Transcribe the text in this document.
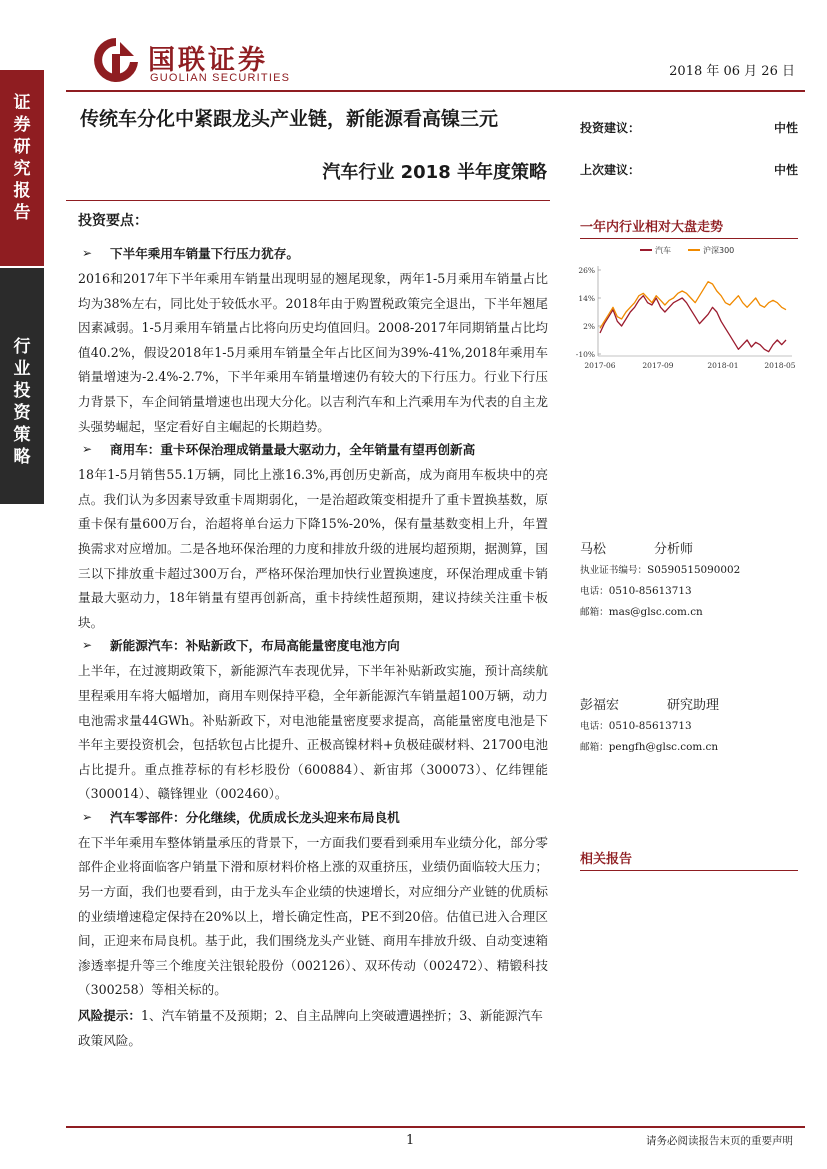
国联证券
GUOLIAN SECURITIES	2018 年 06 月 26 日
证
券
研
究
报
告
行
业
投
资
策
略
传统车分化中紧跟龙头产业链，新能源看高镍三元
汽车行业 2018 半年度策略
投资建议：	中性
上次建议：	中性
投资要点：
➢ 下半年乘用车销量下行压力犹存。

2016和2017年下半年乘用车销量出现明显的翘尾现象，两年1-5月乘用车销量占比均为38%左右，同比处于较低水平。2018年由于购置税政策完全退出，下半年翘尾因素减弱。1-5月乘用车销量占比将向历史均值回归。2008-2017年同期销量占比均值40.2%，假设2018年1-5月乘用车销量全年占比区间为39%-41%,2018年乘用车销量增速为-2.4%-2.7%，下半年乘用车销量增速仍有较大的下行压力。行业下行压力背景下，车企间销量增速也出现大分化。以吉利汽车和上汽乘用车为代表的自主龙头强势崛起，坚定看好自主崛起的长期趋势。

➢ 商用车：重卡环保治理成销量最大驱动力，全年销量有望再创新高

18年1-5月销售55.1万辆，同比上涨16.3%,再创历史新高，成为商用车板块中的亮点。我们认为多因素导致重卡周期弱化，一是治超政策变相提升了重卡置换基数，原重卡保有量600万台，治超将单台运力下降15%-20%，保有量基数变相上升，年置换需求对应增加。二是各地环保治理的力度和排放升级的进展均超预期，据测算，国三以下排放重卡超过300万台，严格环保治理加快行业置换速度，环保治理成重卡销量最大驱动力，18年销量有望再创新高，重卡持续性超预期，建议持续关注重卡板块。

➢ 新能源汽车：补贴新政下，布局高能量密度电池方向

上半年，在过渡期政策下，新能源汽车表现优异，下半年补贴新政实施，预计高续航里程乘用车将大幅增加，商用车则保持平稳，全年新能源汽车销量超100万辆，动力电池需求量44GWh。补贴新政下，对电池能量密度要求提高，高能量密度电池是下半年主要投资机会，包括软包占比提升、正极高镍材料+负极硅碳材料、21700电池占比提升。重点推荐标的有杉杉股份（600884）、新宙邦（300073）、亿纬锂能（300014）、赣锋锂业（002460）。

➢ 汽车零部件：分化继续，优质成长龙头迎来布局良机

在下半年乘用车整体销量承压的背景下，一方面我们要看到乘用车业绩分化，部分零部件企业将面临客户销量下滑和原材料价格上涨的双重挤压，业绩仍面临较大压力；另一方面，我们也要看到，由于龙头车企业绩的快速增长，对应细分产业链的优质标的业绩增速稳定保持在20%以上，增长确定性高，PE不到20倍。估值已进入合理区间，正迎来布局良机。基于此，我们围绕龙头产业链、商用车排放升级、自动变速箱渗透率提升等三个维度关注银轮股份（002126）、双环传动（002472）、精锻科技（300258）等相关标的。

风险提示：1、汽车销量不及预期；2、自主品牌向上突破遭遇挫折；3、新能源汽车政策风险。

一年内行业相对大盘走势
汽车	沪深300
26%
14%
2%
-10%
2017-06	2017-09	2018-01	2018-05
马松	分析师
执业证书编号：S0590515090002
电话：0510-85613713
邮箱：mas@glsc.com.cn
彭福宏	研究助理
电话：0510-85613713
邮箱：pengfh@glsc.com.cn
相关报告
1	请务必阅读报告末页的重要声明
